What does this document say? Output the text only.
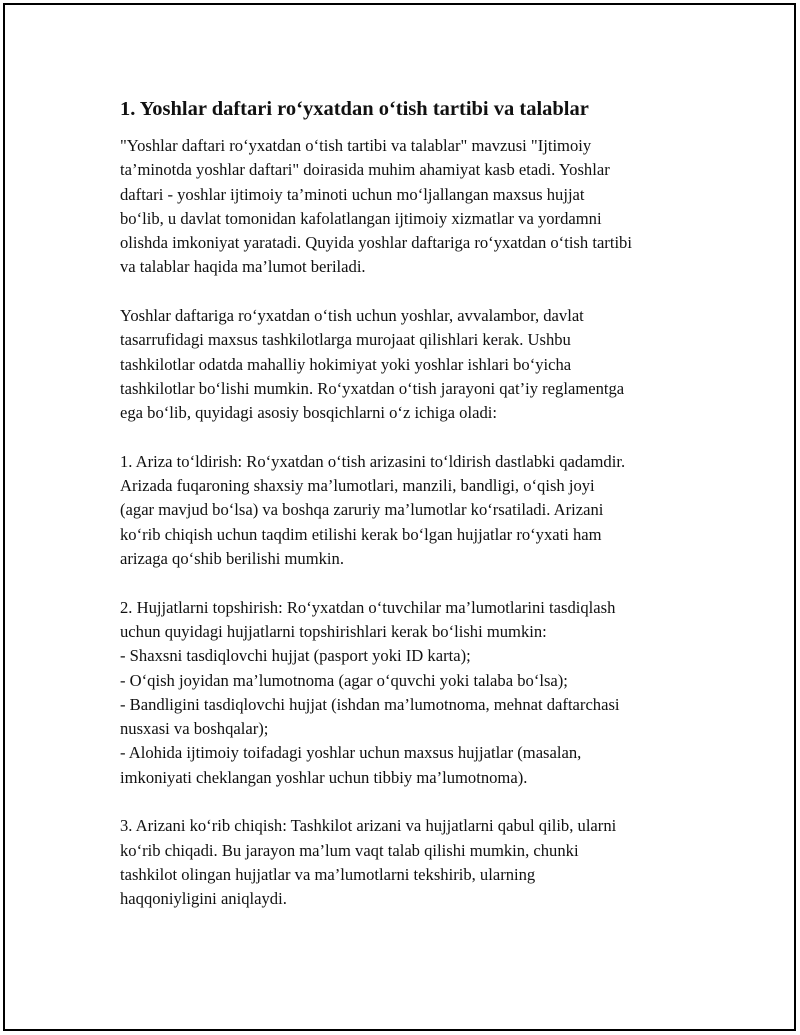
1. Yoshlar daftari ro‘yxatdan o‘tish tartibi va talablar

"Yoshlar daftari ro‘yxatdan o‘tish tartibi va talablar" mavzusi "Ijtimoiy
ta’minotda yoshlar daftari" doirasida muhim ahamiyat kasb etadi. Yoshlar
daftari - yoshlar ijtimoiy ta’minoti uchun mo‘ljallangan maxsus hujjat
bo‘lib, u davlat tomonidan kafolatlangan ijtimoiy xizmatlar va yordamni
olishda imkoniyat yaratadi. Quyida yoshlar daftariga ro‘yxatdan o‘tish tartibi
va talablar haqida ma’lumot beriladi.

Yoshlar daftariga ro‘yxatdan o‘tish uchun yoshlar, avvalambor, davlat
tasarrufidagi maxsus tashkilotlarga murojaat qilishlari kerak. Ushbu
tashkilotlar odatda mahalliy hokimiyat yoki yoshlar ishlari bo‘yicha
tashkilotlar bo‘lishi mumkin. Ro‘yxatdan o‘tish jarayoni qat’iy reglamentga
ega bo‘lib, quyidagi asosiy bosqichlarni o‘z ichiga oladi:

1. Ariza to‘ldirish: Ro‘yxatdan o‘tish arizasini to‘ldirish dastlabki qadamdir.
Arizada fuqaroning shaxsiy ma’lumotlari, manzili, bandligi, o‘qish joyi
(agar mavjud bo‘lsa) va boshqa zaruriy ma’lumotlar ko‘rsatiladi. Arizani
ko‘rib chiqish uchun taqdim etilishi kerak bo‘lgan hujjatlar ro‘yxati ham
arizaga qo‘shib berilishi mumkin.

2. Hujjatlarni topshirish: Ro‘yxatdan o‘tuvchilar ma’lumotlarini tasdiqlash
uchun quyidagi hujjatlarni topshirishlari kerak bo‘lishi mumkin:
- Shaxsni tasdiqlovchi hujjat (pasport yoki ID karta);
- O‘qish joyidan ma’lumotnoma (agar o‘quvchi yoki talaba bo‘lsa);
- Bandligini tasdiqlovchi hujjat (ishdan ma’lumotnoma, mehnat daftarchasi
nusxasi va boshqalar);
- Alohida ijtimoiy toifadagi yoshlar uchun maxsus hujjatlar (masalan,
imkoniyati cheklangan yoshlar uchun tibbiy ma’lumotnoma).

3. Arizani ko‘rib chiqish: Tashkilot arizani va hujjatlarni qabul qilib, ularni
ko‘rib chiqadi. Bu jarayon ma’lum vaqt talab qilishi mumkin, chunki
tashkilot olingan hujjatlar va ma’lumotlarni tekshirib, ularning
haqqoniyligini aniqlaydi.
